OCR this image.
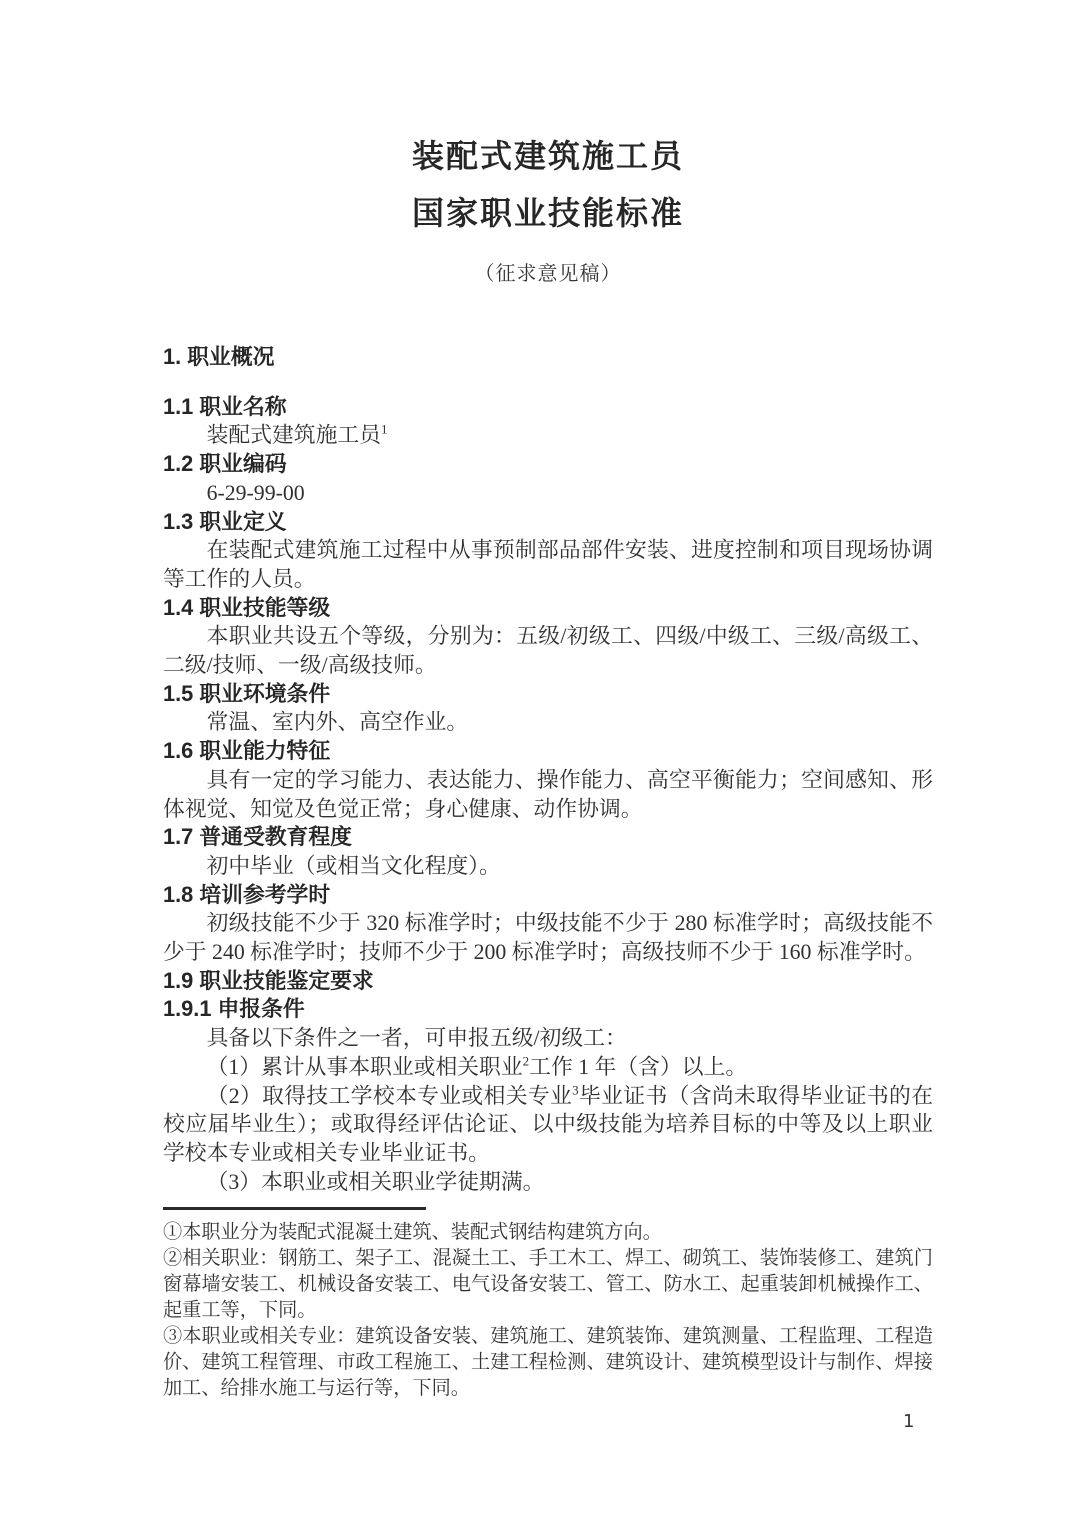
装配式建筑施工员
国家职业技能标准
（征求意见稿）

1. 职业概况

1.1 职业名称

装配式建筑施工员$^1$

1.2 职业编码

6-29-99-00

1.3 职业定义

在装配式建筑施工过程中从事预制部品部件安装、进度控制和项目现场协调等工作的人员。

1.4 职业技能等级

本职业共设五个等级，分别为：五级/初级工、四级/中级工、三级/高级工、二级/技师、一级/高级技师。

1.5 职业环境条件

常温、室内外、高空作业。

1.6 职业能力特征

具有一定的学习能力、表达能力、操作能力、高空平衡能力；空间感知、形体视觉、知觉及色觉正常；身心健康、动作协调。

1.7 普通受教育程度

初中毕业（或相当文化程度）。

1.8 培训参考学时

初级技能不少于 320 标准学时；中级技能不少于 280 标准学时；高级技能不少于 240 标准学时；技师不少于 200 标准学时；高级技师不少于 160 标准学时。

1.9 职业技能鉴定要求

1.9.1 申报条件

具备以下条件之一者，可申报五级/初级工：

（1）累计从事本职业或相关职业$^2$工作 1 年（含）以上。

（2）取得技工学校本专业或相关专业$^3$毕业证书（含尚未取得毕业证书的在校应届毕业生）；或取得经评估论证、以中级技能为培养目标的中等及以上职业学校本专业或相关专业毕业证书。

（3）本职业或相关职业学徒期满。

①本职业分为装配式混凝土建筑、装配式钢结构建筑方向。

②相关职业：钢筋工、架子工、混凝土工、手工木工、焊工、砌筑工、装饰装修工、建筑门窗幕墙安装工、机械设备安装工、电气设备安装工、管工、防水工、起重装卸机械操作工、起重工等，下同。

③本职业或相关专业：建筑设备安装、建筑施工、建筑装饰、建筑测量、工程监理、工程造价、建筑工程管理、市政工程施工、土建工程检测、建筑设计、建筑模型设计与制作、焊接加工、给排水施工与运行等，下同。

1
